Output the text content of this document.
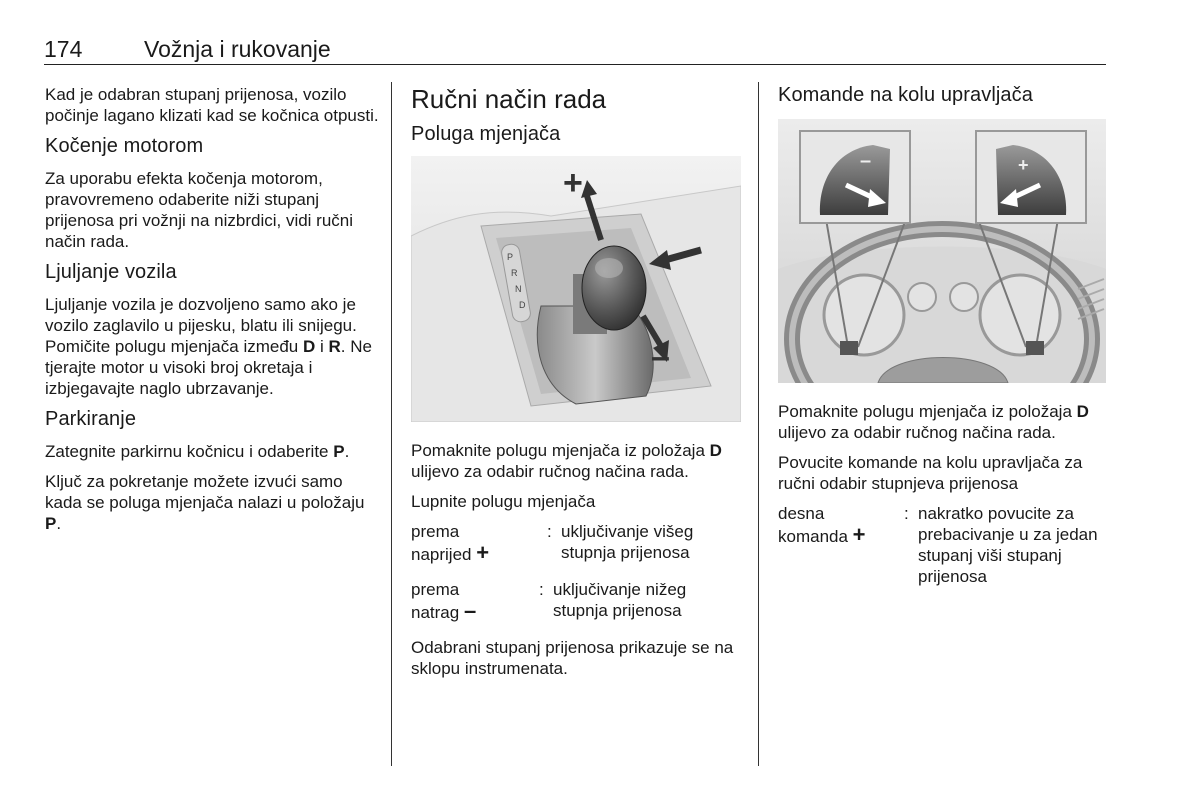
174	Vožnja i rukovanje

Kad je odabran stupanj prijenosa, vozilo počinje lagano klizati kad se kočnica otpusti.

Kočenje motorom

Za uporabu efekta kočenja motorom, pravovremeno odaberite niži stupanj prijenosa pri vožnji na nizbrdici, vidi ručni način rada.

Ljuljanje vozila

Ljuljanje vozila je dozvoljeno samo ako je vozilo zaglavilo u pijesku, blatu ili snijegu. Pomičite polugu mjenjača između D i R. Ne tjerajte motor u visoki broj okretaja i izbjegavajte naglo ubrzavanje.

Parkiranje

Zategnite parkirnu kočnicu i odaberite P.

Ključ za pokretanje možete izvući samo kada se poluga mjenjača nalazi u položaju P.

Ručni način rada
Poluga mjenjača
P
R
N
D
+
–

Pomaknite polugu mjenjača iz položaja D ulijevo za odabir ručnog načina rada.

Lupnite polugu mjenjača

prema naprijed +
: uključivanje višeg stupnja prijenosa
prema natrag –
: uključivanje nižeg stupnja prijenosa

Odabrani stupanj prijenosa prikazuje se na sklopu instrumenata.

Komande na kolu upravljača
–	+

Pomaknite polugu mjenjača iz položaja D ulijevo za odabir ručnog načina rada.

Povucite komande na kolu upravljača za ručni odabir stupnjeva prijenosa

desna komanda +
: nakratko povucite za prebacivanje u za jedan stupanj viši stupanj prijenosa
